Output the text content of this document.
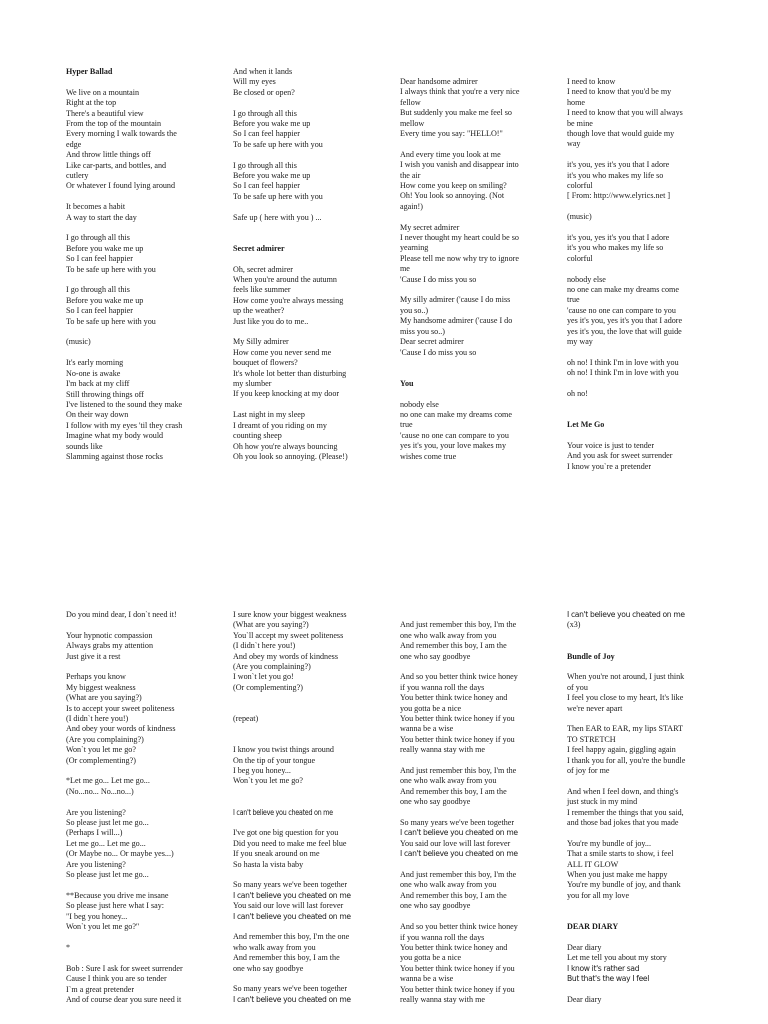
Hyper Ballad
We live on a mountain
Right at the top
There's a beautiful view
From the top of the mountain
Every morning I walk towards the
edge
And throw little things off
Like car-parts, and bottles, and
cutlery
Or whatever I found lying around
It becomes a habit
A way to start the day
I go through all this
Before you wake me up
So I can feel happier
To be safe up here with you
I go through all this
Before you wake me up
So I can feel happier
To be safe up here with you
(music)
It's early morning
No-one is awake
I'm back at my cliff
Still throwing things off
I've listened to the sound they make
On their way down
I follow with my eyes 'til they crash
Imagine what my body would
sounds like
Slamming against those rocks
And when it lands
Will my eyes
Be closed or open?
I go through all this
Before you wake me up
So I can feel happier
To be safe up here with you
I go through all this
Before you wake me up
So I can feel happier
To be safe up here with you
Safe up ( here with you ) ...
Secret admirer
Oh, secret admirer
When you're around the autumn
feels like summer
How come you're always messing
up the weather?
Just like you do to me..
My Silly admirer
How come you never send me
bouquet of flowers?
It's whole lot better than disturbing
my slumber
If you keep knocking at my door
Last night in my sleep
I dreamt of you riding on my
counting sheep
Oh how you're always bouncing
Oh you look so annoying. (Please!)
Dear handsome admirer
I always think that you're a very nice
fellow
But suddenly you make me feel so
mellow
Every time you say: "HELLO!"
And every time you look at me
I wish you vanish and disappear into
the air
How come you keep on smiling?
Oh! You look so annoying. (Not
again!)
My secret admirer
I never thought my heart could be so
yearning
Please tell me now why try to ignore
me
'Cause I do miss you so
My silly admirer ('cause I do miss
you so..)
My handsome admirer ('cause I do
miss you so..)
Dear secret admirer
'Cause I do miss you so
You
nobody else
no one can make my dreams come
true
'cause no one can compare to you
yes it's you, your love makes my
wishes come true
I need to know
I need to know that you'd be my
home
I need to know that you will always
be mine
though love that would guide my
way
it's you, yes it's you that I adore
it's you who makes my life so
colorful
[ From: http://www.elyrics.net ]
(music)
it's you, yes it's you that I adore
it's you who makes my life so
colorful
nobody else
no one can make my dreams come
true
'cause no one can compare to you
yes it's you, yes it's you that I adore
yes it's you, the love that will guide
my way
oh no! I think I'm in love with you
oh no! I think I'm in love with you
oh no!
Let Me Go
Your voice is just to tender
And you ask for sweet surrender
I know you`re a pretender
Do you mind dear, I don`t need it!
Your hypnotic compassion
Always grabs my attention
Just give it a rest
Perhaps you know
My biggest weakness
(What are you saying?)
Is to accept your sweet politeness
(I didn`t here you!)
And obey your words of kindness
(Are you complaining?)
Won`t you let me go?
(Or complementing?)
*Let me go... Let me go...
(No...no... No...no...)
Are you listening?
So please just let me go...
(Perhaps I will...)
Let me go... Let me go...
(Or Maybe no... Or maybe yes...)
Are you listening?
So please just let me go...
**Because you drive me insane
So please just here what I say:
"I beg you honey...
Won`t you let me go?"
*
Bob : Sure I ask for sweet surrender
Cause I think you are so tender
I`m a great pretender
And of course dear you sure need it
I sure know your biggest weakness
(What are you saying?)
You`ll accept my sweet politeness
(I didn`t here you!)
And obey my words of kindness
(Are you complaining?)
I won`t let you go!
(Or complementing?)
(repeat)
I know you twist things around
On the tip of your tongue
I beg you honey...
Won`t you let me go?
I can't believe you cheated on me
I've got one big question for you
Did you need to make me feel blue
If you sneak around on me
So hasta la vista baby
So many years we've been together
I can't believe you cheated on me
You said our love will last forever
I can't believe you cheated on me
And remember this boy, I'm the one
who walk away from you
And remember this boy, I am the
one who say goodbye
So many years we've been together
I can't believe you cheated on me
And just remember this boy, I'm the
one who walk away from you
And remember this boy, I am the
one who say goodbye
And so you better think twice honey
if you wanna roll the days
You better think twice honey and
you gotta be a nice
You better think twice honey if you
wanna be a wise
You better think twice honey if you
really wanna stay with me
And just remember this boy, I'm the
one who walk away from you
And remember this boy, I am the
one who say goodbye
So many years we've been together
I can't believe you cheated on me
You said our love will last forever
I can't believe you cheated on me
And just remember this boy, I'm the
one who walk away from you
And remember this boy, I am the
one who say goodbye
And so you better think twice honey
if you wanna roll the days
You better think twice honey and
you gotta be a nice
You better think twice honey if you
wanna be a wise
You better think twice honey if you
really wanna stay with me
I can't believe you cheated on me
(x3)
Bundle of Joy
When you're not around, I just think
of you
I feel you close to my heart, It's like
we're never apart
Then EAR to EAR, my lips START
TO STRETCH
I feel happy again, giggling again
I thank you for all, you're the bundle
of joy for me
And when I feel down, and thing's
just stuck in my mind
I remember the things that you said,
and those bad jokes that you made
You're my bundle of joy...
That a smile starts to show, i feel
ALL IT GLOW
When you just make me happy
You're my bundle of joy, and thank
you for all my love
DEAR DIARY
Dear diary
Let me tell you about my story
I know it's rather sad
But that's the way I feel
Dear diary
